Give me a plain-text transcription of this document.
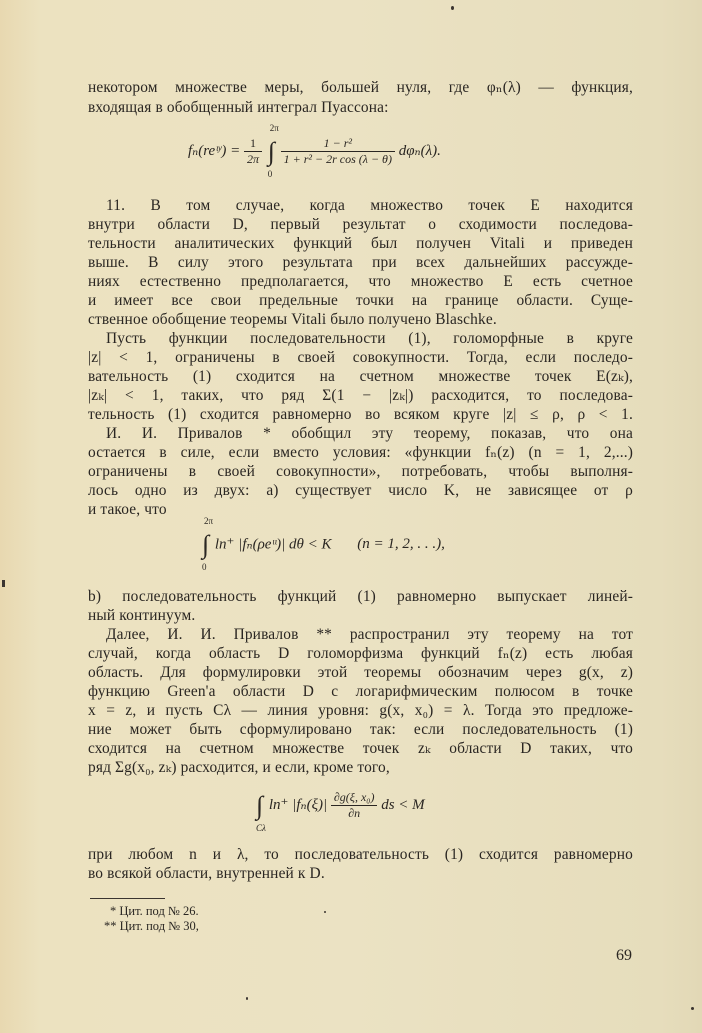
некотором множестве меры, большей нуля, где φₙ(λ) — функция,
входящая в обобщенный интеграл Пуассона:
fₙ(reᶥʸ) = $\frac{1}{2\pi}$ ∫
2π
0

$\frac{\text{1 − r²}}{\text{1 + r² − 2r cos (λ − θ)}} d\varphi_n(\lambda)$.
11. В том случае, когда множество точек E находится
внутри области D, первый результат о сходимости последова-
тельности аналитических функций был получен Vitali и приведен
выше. В силу этого результата при всех дальнейших рассужде-
ниях естественно предполагается, что множество E есть счетное
и имеет все свои предельные точки на границе области. Суще-
ственное обобщение теоремы Vitali было получено Blaschke.
Пусть функции последовательности (1), голоморфные в круге
|z| < 1, ограничены в своей совокупности. Тогда, если последо-
вательность (1) сходится на счетном множестве точек E(zₖ),
|zₖ| < 1, таких, что ряд Σ(1 − |zₖ|) расходится, то последова-
тельность (1) сходится равномерно во всяком круге |z| ≤ ρ, ρ < 1.
И. И. Привалов * обобщил эту теорему, показав, что она
остается в силе, если вместо условия: «функции fₙ(z) (n = 1, 2,...)
ограничены в своей совокупности», потребовать, чтобы выполня-
лось одно из двух: a) существует число K, не зависящее от ρ
и такое, что
∫
2π
0
ln⁺ |fₙ(ρeᶥᶥ)| dθ < K (n = 1, 2, . . .),
b) последовательность функций (1) равномерно выпускает линей-
ный континуум.
Далее, И. И. Привалов ** распространил эту теорему на тот
случай, когда область D голоморфизма функций fₙ(z) есть любая
область. Для формулировки этой теоремы обозначим через g(x, z)
функцию Green'a области D с логарифмическим полюсом в точке
x = z, и пусть Cλ — линия уровня: g(x, x₀) = λ. Тогда это предложе-
ние может быть сформулировано так: если последовательность (1)
сходится на счетном множестве точек zₖ области D таких, что
ряд Σg(x₀, zₖ) расходится, и если, кроме того,
∫
Cλ
ln⁺ $|f_n(\xi)| \frac{\text{∂g(ξ, x₀)}}{\partial n}$ ds < M
при любом n и λ, то последовательность (1) сходится равномерно
во всякой области, внутренней к D.
* Цит. под № 26.
** Цит. под № 30,
69
